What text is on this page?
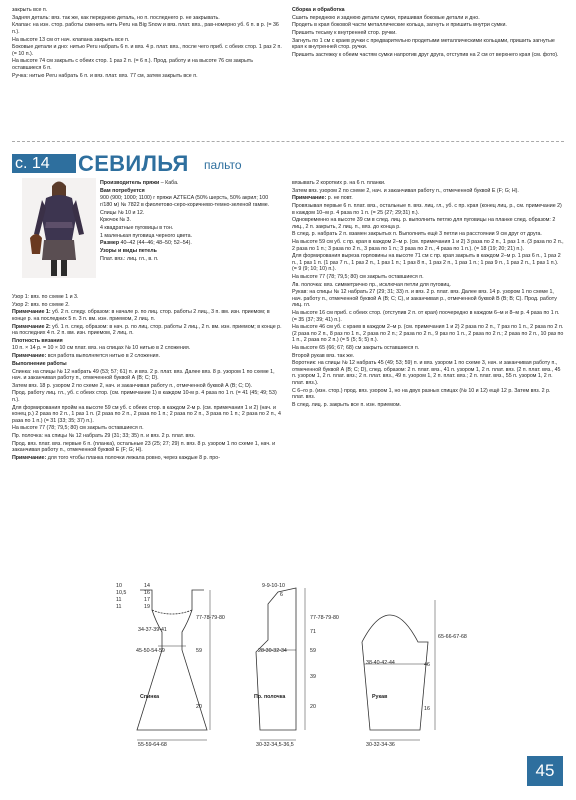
закрыть все п.

Задняя деталь: вяз. так же, как переднюю деталь, но п. последнего р. не закрывать.

Клапан: на изн. стор. работы сменить нить Peru на Big Snow и вяз. плат. вяз., рав-номерно уб. 6 п. в р. (= 36 п.).

На высоте 13 см от нач. клапана закрыть все п.

Боковые детали и дно: нитью Peru набрать 6 п. и вяз. 4 р. плат. вяз., после чего приб. с обеих стор. 1 раз 2 п. (= 10 п.).

На высоте 74 см закрыть с обеих стор. 1 раз 2 п. (= 6 п.). Прод. работу и на высоте 76 см закрыть оставшиеся 6 п.

Ручка: нитью Peru набрать 6 п. и вяз. плат. вяз. 77 см, затем закрыть все п.

Сборка и обработка

Сшить переднюю и заднюю детали сумки, пришивая боковые детали и дно.

Продеть в края боковой части металлические кольца, загнуть и пришить внутри сумки.

Пришить тесьму к внутренней стор. ручки.

Загнуть по 1 см с краев ручки с предварительно продетыми металлическими кольцами, пришить загнутые края к внутренней стор. ручки.

Пришить застежку к обеим частям сумки напротив друг друга, отступив на 2 см от верхнего края (см. фото).

с. 14	СЕВИЛЬЯ пальто

Производитель пряжи – Каба.

Вам потребуется

900 (900; 1000; 1100) г пряжи AZTECA (50% шерсть, 50% акрил; 100 г/180 м) № 7822 в фиолетово-серо-коричнево-темно-зеленой гамме.

Спицы № 10 и 12.

Крючок № 3.

4 квадратные пуговицы в тон.

1 маленькая пуговица черного цвета.

Размер 40–42 (44–46; 48–50; 52–54).

Узоры и виды петель

Плат. вяз.: лиц. гл., в. п.

Узор 1: вяз. по схеме 1 и 3.

Узор 2: вяз. по схеме 2.

Примечание 1: уб. 2 п. следу. образом: в начале р. по лиц. стор. работы 2 лиц., 3 п. вм. изн. приемом; в конце р. на последних 5 п. 3 п. вм. изн. приемом, 2 лиц. п.

Примечание 2: уб. 1 п. след. образом: в нач. р. по лиц. стор. работы 2 лиц., 2 п. вм. изн. приемом; в конце р. на последних 4 п. 2 п. вм. изн. приемом, 2 лиц. п.

Плотность вязания

10 п. × 14 р. = 10 × 10 см плат. вяз. на спицах № 10 нитью в 2 сложения.

Примечание: вся работа выполняется нитью в 2 сложения.

Выполнение работы

Спинка: на спицы № 12 набрать 49 (53; 57; 61) п. и вяз. 2 р. плат. вяз. Далее вяз. 8 р. узором 1 по схеме 1, нач. и заканчивая работу п., отмеченной буквой А (В; С; D).

Затем вяз. 18 р. узором 2 по схеме 2, нач. и заканчивая работу п., отмеченной буквой А (В; С; D).

Прод. работу лиц. гл., уб. с обеих стор. (см. примечание 1) в каждом 10-м р. 4 раза по 1 п. (= 41 (45; 49; 53) п.).

Для формирования пройм на высоте 59 см уб. с обеих стор. в каждом 2-м р. (см. примечания 1 и 2) (нач. и конец р.) 2 раза по 2 п., 1 раз 1 п. (2 раза по 2 п., 2 раза по 1 п.; 2 раза по 2 п., 3 раза по 1 п.; 2 раза по 2 п., 4 раза по 1 п.) (= 31 (33; 35; 37) п.).

На высоте 77 (78; 79,5; 80) см закрыть оставшиеся п.

Пр. полочка: на спицы № 12 набрать 29 (31; 33; 35) п. и вяз. 2 р. плат. вяз.

Прод. вяз. плат. вяз. первые 6 п. (планка), остальные 23 (25; 27; 29) п. вяз. 8 р. узором 1 по схеме 1, нач. и заканчивая работу п., отмеченной буквой Е (F; G; H).

Примечание: для того чтобы планка полочки лежала ровно, через каждые 8 р. про-

вязывать 2 коротких р. на 6 п. планки.

Затем вяз. узором 2 по схеме 2, нач. и заканчивая работу п., отмеченной буквой Е (F; G; H).

Примечание: р. не повт.

Провязывая первые 6 п. плат. вяз., остальные п. вяз. лиц. гл., уб. с пр. края (конец лиц. р., см. примечание 2) в каждом 10–м р. 4 раза по 1 п. (= 25 (27; 29;31) п.).

Одновременно на высоте 39 см в след. лиц. р. выполнить петлю для пуговицы на планке след. образом: 2 лиц., 2 п. закрыть, 2 лиц. п., вяз. до конца р.

В след. р. набрать 2 п. взамен закрытых п. Выполнить ещё 3 петли на расстоянии 9 см друг от друга.

На высоте 59 см уб. с пр. края в каждом 2–м р. (см. примечания 1 и 2) 3 раза по 2 п., 1 раз 1 п. (3 раза по 2 п., 2 раза по 1 п.; 3 раза по 2 п., 3 раза по 1 п.; 3 раза по 2 п., 4 раза по 1 п.). (= 18 (19; 20; 21) п.).

Для формирования выреза горловины на высоте 71 см с пр. края закрыть в каждом 2–м р. 1 раз 6 п., 1 раз 2 п., 1 раз 1 п. (1 раз 7 п., 1 раз 2 п., 1 раз 1 п.; 1 раз 8 п., 1 раз 2 п., 1 раз 1 п.; 1 раз 9 п., 1 раз 2 п., 1 раз 1 п.). (= 9 (9; 10; 10) п.).

На высоте 77 (78; 79,5; 80) см закрыть оставшиеся п.

Лв. полочка: вяз. симметрично пр., исключая петли для пуговиц.

Рукав: на спицы № 12 набрать 27 (29; 31; 33) п. и вяз. 2 р. плат. вяз. Далее вяз. 14 р. узором 1 по схеме 1, нач. работу п., отмеченной буквой А (В; С; С), и заканчивая р., отмеченной буквой В (В; В; С). Прод. работу лиц. гл.

На высоте 16 см приб. с обеих стор. (отступив 2 п. от края) поочередно в каждом 6–м и 8–м р. 4 раза по 1 п. (= 35 (37; 39; 41) п.).

На высоте 46 см уб. с краев в каждом 2–м р. (см. примечания 1 и 2) 2 раза по 2 п., 7 раз по 1 п., 2 раза по 2 п. (2 раза по 2 п., 8 раз по 1 п., 2 раза по 2 п.; 2 раза по 2 п., 9 раз по 1 п., 2 раза по 2 п.; 2 раза по 2 п., 10 раз по 1 п., 2 раза по 2 п.) (= 5 (5; 5; 5) п.).

На высоте 65 (66; 67; 68) см закрыть оставшиеся п.

Второй рукав вяз. так же.

Воротник: на спицы № 12 набрать 45 (49; 53; 59) п. и вяз. узором 1 по схеме 3, нач. и заканчивая работу п., отмеченной буквой А (В; С; D), след. образом: 2 п. плат. вяз., 41 п. узором 1, 2 п. плат. вяз. (2 п. плат. вяз., 45 п. узором 1, 2 п. плат. вяз.; 2 п. плат. вяз., 49 п. узором 1, 2 п. плат. вяз.; 2 п. плат. вяз., 55 п. узором 1, 2 п. плат. вяз.).

С 6–го р. (изн. стор.) прод. вяз. узором 1, но на двух разных спицах (№ 10 и 12) ещё 12 р. Затем вяз. 2 р. плат. вяз.

В след. лиц. р. закрыть все п. изн. приемом.

10
10,5
11
11
14
16
17
19
34-37-39-41
45-50-54-59
Спинка
55-59-64-68
77-78-79-80
59
20
9-9-10-10
6
77-78-79-80
71
28-30-32-34	59
Пр. полочка
39
20
30-32-34,5-36,5
65-66-67-68
38-40-42-44	46
Рукав
16
30-32-34-36
45
